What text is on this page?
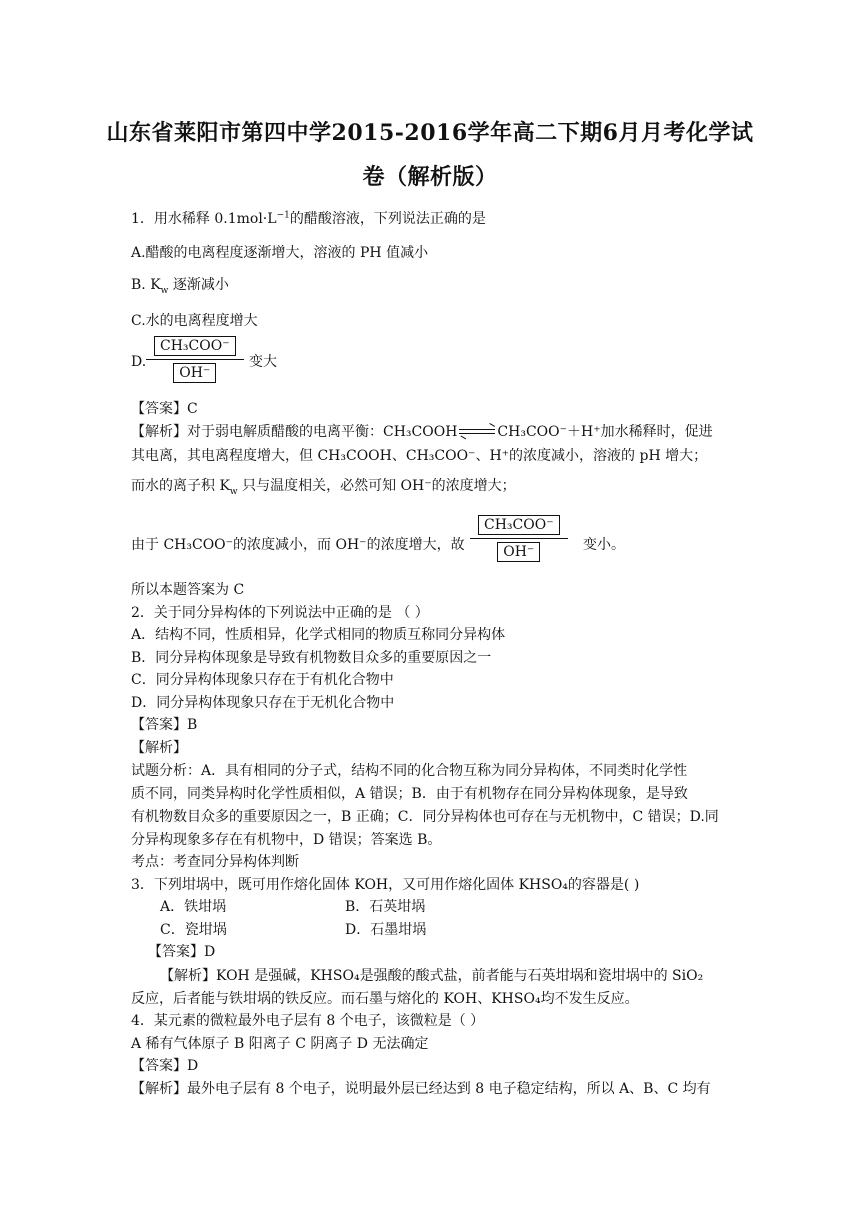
山东省莱阳市第四中学2015-2016学年高二下期6月月考化学试
卷（解析版）
1．用水稀释 $0.1mol\cdot L^{-1}$的醋酸溶液，下列说法正确的是
A.醋酸的电离程度逐渐增大，溶液的 PH 值减小
B. $K_w$ 逐渐减小
C.水的电离程度增大
D.
CH₃COO⁻
OH⁻
变大
【答案】C
【解析】对于弱电解质醋酸的电离平衡：CH₃COOH	CH₃COO⁻＋H⁺加水稀释时，促进
其电离，其电离程度增大，但 CH₃COOH、CH₃COO⁻、H⁺的浓度减小，溶液的 pH 增大；
而水的离子积 $K_w$ 只与温度相关，必然可知 OH⁻的浓度增大；
由于 CH₃COO⁻的浓度减小，而 OH⁻的浓度增大，故
CH₃COO⁻
OH⁻	变小。
所以本题答案为 C
2．关于同分异构体的下列说法中正确的是 （ ）
A．结构不同，性质相异，化学式相同的物质互称同分异构体
B．同分异构体现象是导致有机物数目众多的重要原因之一
C．同分异构体现象只存在于有机化合物中
D．同分异构体现象只存在于无机化合物中
【答案】B
【解析】
试题分析：A．具有相同的分子式，结构不同的化合物互称为同分异构体，不同类时化学性
质不同，同类异构时化学性质相似，A 错误；B．由于有机物存在同分异构体现象，是导致
有机物数目众多的重要原因之一，B 正确；C．同分异构体也可存在与无机物中，C 错误；D.同
分异构现象多存在有机物中，D 错误；答案选 B。
考点：考查同分异构体判断
3．下列坩埚中，既可用作熔化固体 KOH，又可用作熔化固体 KHSO₄的容器是( )
A．铁坩埚	B．石英坩埚
C．瓷坩埚	D．石墨坩埚
【答案】D
【解析】KOH 是强碱，KHSO₄是强酸的酸式盐，前者能与石英坩埚和瓷坩埚中的 SiO₂
反应，后者能与铁坩埚的铁反应。而石墨与熔化的 KOH、KHSO₄均不发生反应。
4．某元素的微粒最外电子层有 8 个电子，该微粒是（ ）
A 稀有气体原子 B 阳离子 C 阴离子 D 无法确定
【答案】D
【解析】最外电子层有 8 个电子，说明最外层已经达到 8 电子稳定结构，所以 A、B、C 均有
